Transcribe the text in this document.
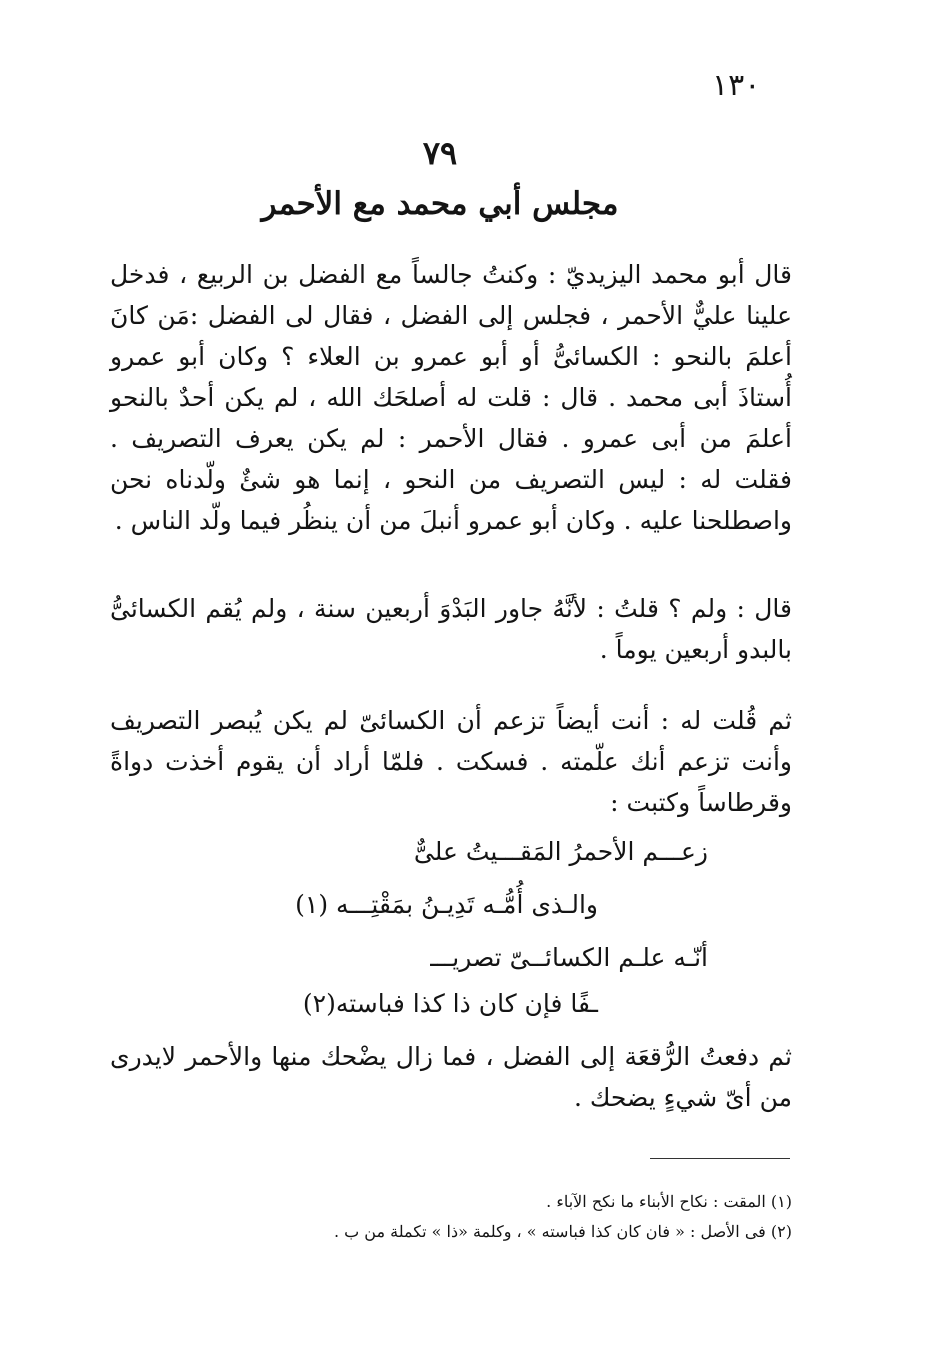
١٣٠
٧٩
مجلس أبي محمد مع الأحمر
قال أبو محمد اليزيديّ : وكنتُ جالساً مع الفضل بن الربيع ، فدخل علينا عليٌّ الأحمر ، فجلس إلى الفضل ، فقال لى الفضل :مَن كانَ أعلمَ بالنحو : الكسائىُّ أو أبو عمرو بن العلاء ؟ وكان أبو عمرو أُستاذَ أبى محمد . قال : قلت له أصلحَك الله ، لم يكن أحدٌ بالنحو أعلمَ من أبى عمرو . فقال الأحمر : لم يكن يعرف التصريف . فقلت له : ليس التصريف من النحو ، إنما هو شئٌ ولّدناه نحن واصطلحنا عليه . وكان أبو عمرو أنبلَ من أن ينظُر فيما ولّد الناس .
قال : ولم ؟ قلتُ : لأنَّهُ جاور البَدْوَ أربعين سنة ، ولم يُقم الكسائىُّ بالبدو أربعين يوماً .
ثم قُلت له : أنت أيضاً تزعم أن الكسائىّ لم يكن يُبصر التصريف وأنت تزعم أنك علّمته . فسكت . فلمّا أراد أن يقوم أخذت دواةً وقرطاساً وكتبت :
زعـــم الأحمرُ المَقـــيتُ علىٌّ
والـذى أُمُّـه تَدِيـنُ بمَقْتِـــه (١)
أنّـه علـم الكسائــىّ تصريـــ
ـفًا فإن كان ذا كذا فباسته(٢)
ثم دفعتُ الرُّقعَة إلى الفضل ، فما زال يضْحك منها والأحمر لايدرى من أىّ شيءٍ يضحك .
(١) المقت : نكاح الأبناء ما نكح الآباء .
(٢) فى الأصل : « فان كان كذا فباسته » ، وكلمة «ذا » تكملة من ب .
